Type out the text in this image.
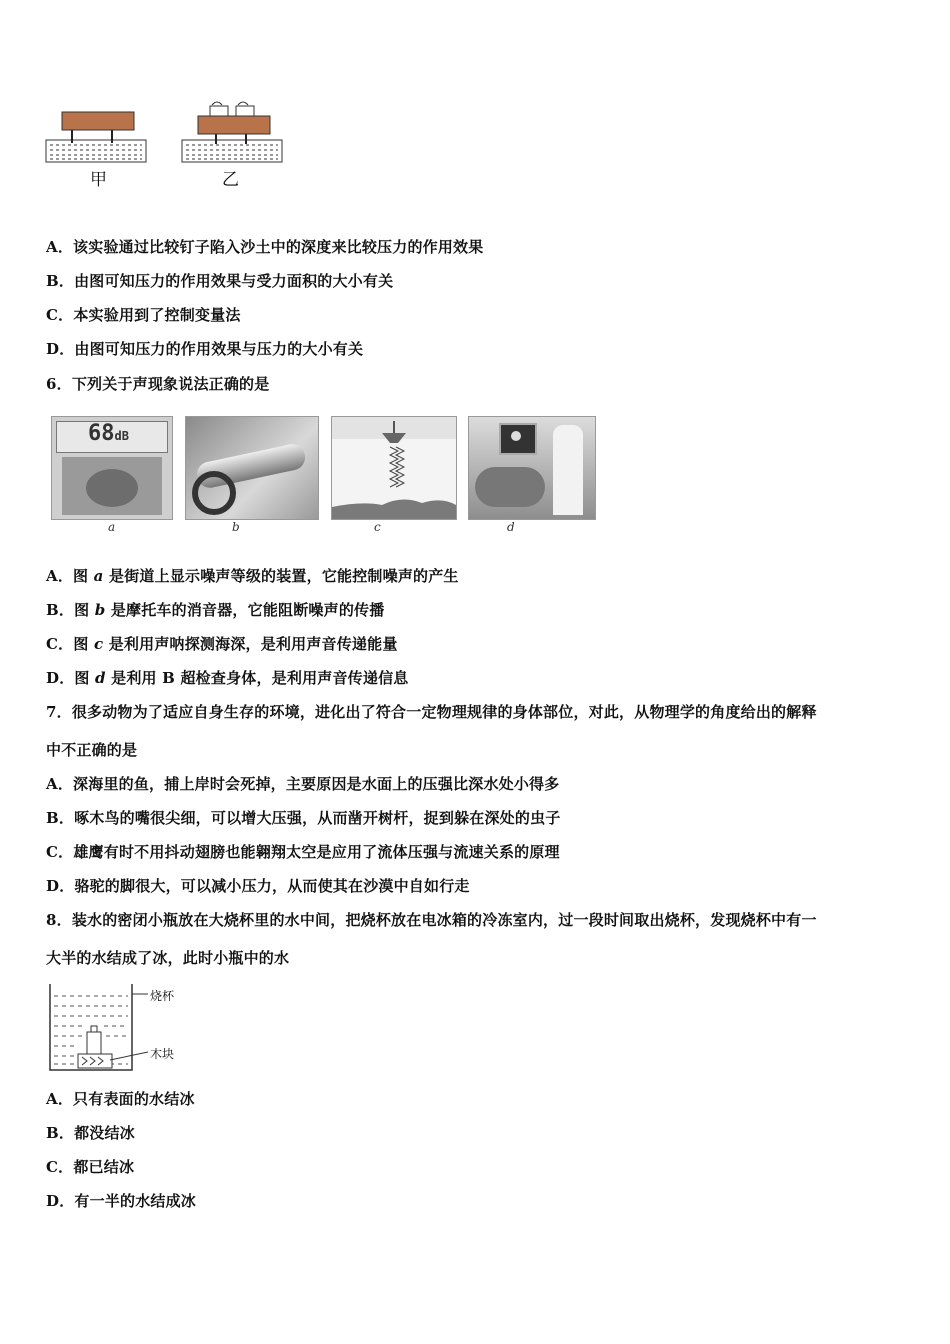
甲	乙
A．该实验通过比较钉子陷入沙土中的深度来比较压力的作用效果
B．由图可知压力的作用效果与受力面积的大小有关
C．本实验用到了控制变量法
D．由图可知压力的作用效果与压力的大小有关
6．下列关于声现象说法正确的是
68dB
a	b	c	d
A．图 a 是街道上显示噪声等级的装置，它能控制噪声的产生
B．图 b 是摩托车的消音器，它能阻断噪声的传播
C．图 c 是利用声呐探测海深，是利用声音传递能量
D．图 d 是利用 B 超检查身体，是利用声音传递信息
7．很多动物为了适应自身生存的环境，进化出了符合一定物理规律的身体部位，对此，从物理学的角度给出的解释
中不正确的是
A．深海里的鱼，捕上岸时会死掉，主要原因是水面上的压强比深水处小得多
B．啄木鸟的嘴很尖细，可以增大压强，从而凿开树杆，捉到躲在深处的虫子
C．雄鹰有时不用抖动翅膀也能翱翔太空是应用了流体压强与流速关系的原理
D．骆驼的脚很大，可以减小压力，从而使其在沙漠中自如行走
8．装水的密闭小瓶放在大烧杯里的水中间，把烧杯放在电冰箱的冷冻室内，过一段时间取出烧杯，发现烧杯中有一
大半的水结成了冰，此时小瓶中的水
烧杯
木块
A．只有表面的水结冰
B．都没结冰
C．都已结冰
D．有一半的水结成冰
